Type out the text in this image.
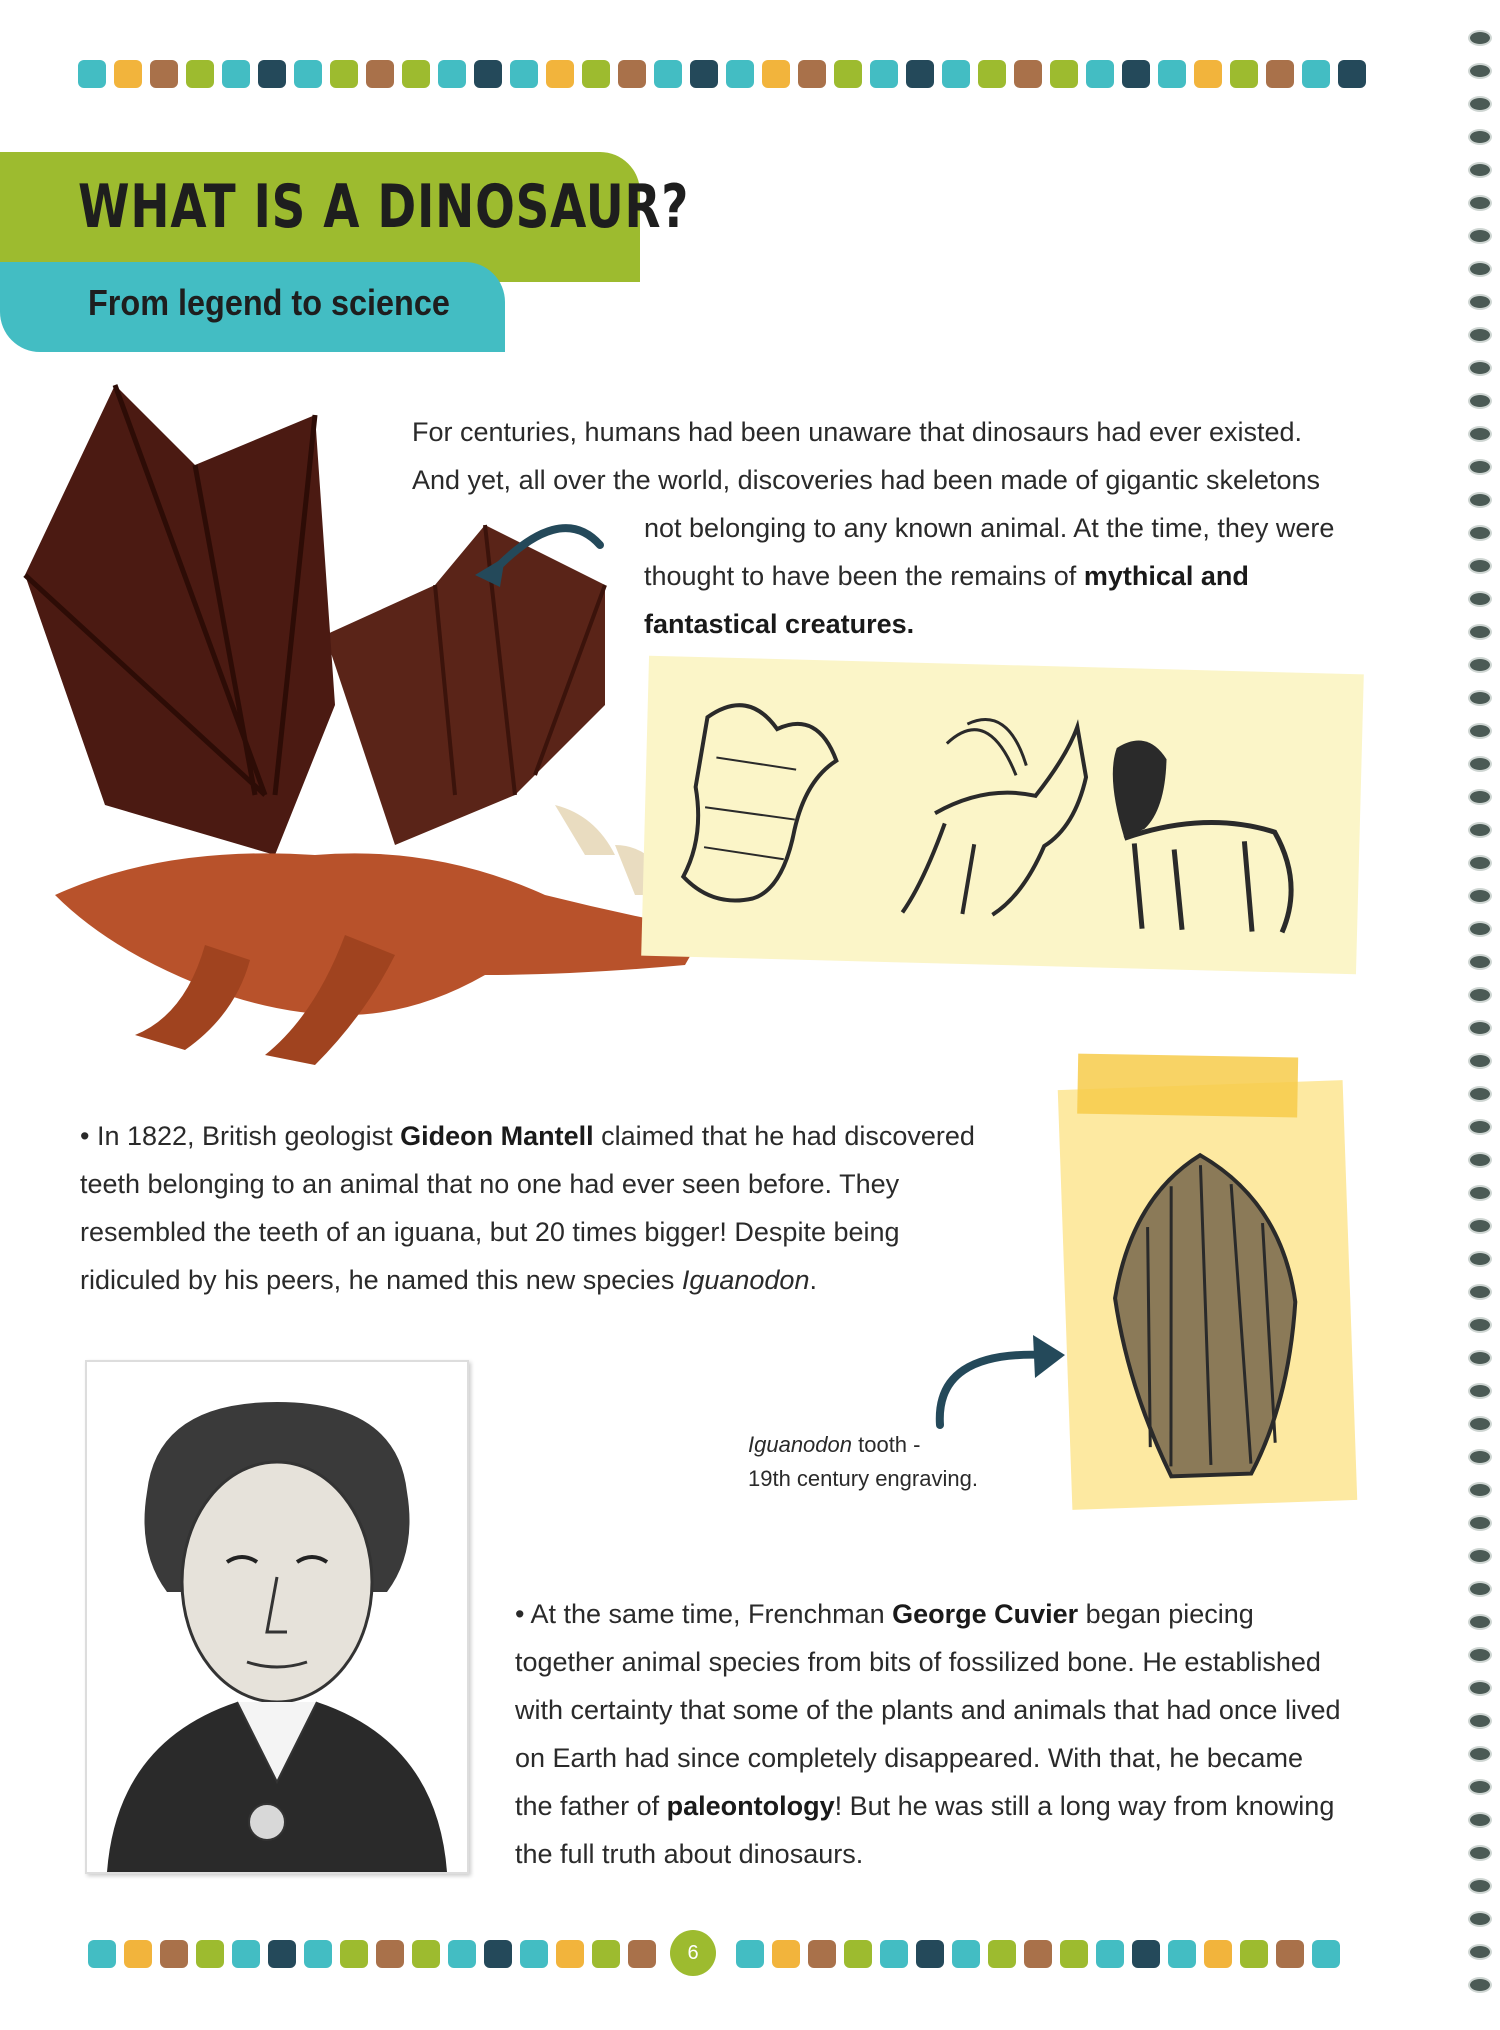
WHAT IS A DINOSAUR?
From legend to science
For centuries, humans had been unaware that dinosaurs had ever existed.
And yet, all over the world, discoveries had been made of gigantic skeletons
not belonging to any known animal. At the time, they were
thought to have been the remains of mythical and
fantastical creatures.
• In 1822, British geologist Gideon Mantell claimed that he had discovered
teeth belonging to an animal that no one had ever seen before. They
resembled the teeth of an iguana, but 20 times bigger! Despite being
ridiculed by his peers, he named this new species Iguanodon.
Iguanodon tooth -
19th century engraving.
• At the same time, Frenchman George Cuvier began piecing
together animal species from bits of fossilized bone. He established
with certainty that some of the plants and animals that had once lived
on Earth had since completely disappeared. With that, he became
the father of paleontology! But he was still a long way from knowing
the full truth about dinosaurs.
6
